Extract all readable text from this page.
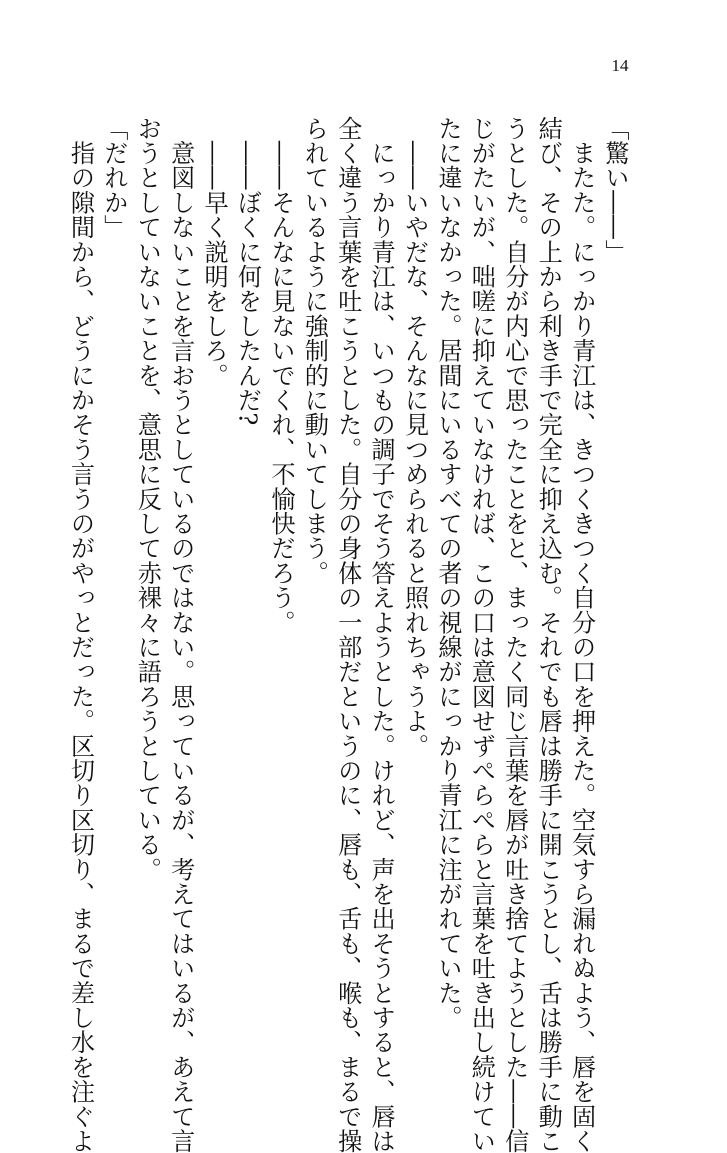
14
「驚い――」
　またた。にっかり青江は、きつくきつく自分の口を押えた。空気すら漏れぬよう、唇を固く
結び、その上から利き手で完全に抑え込む。それでも唇は勝手に開こうとし、舌は勝手に動こ
うとした。自分が内心で思ったことをと、まったく同じ言葉を唇が吐き捨てようとした――信
じがたいが、咄嗟に抑えていなければ、この口は意図せずぺらぺらと言葉を吐き出し続けてい
たに違いなかった。居間にいるすべての者の視線がにっかり青江に注がれていた。
　――いやだな、そんなに見つめられると照れちゃうよ。
　にっかり青江は、いつもの調子でそう答えようとした。けれど、声を出そうとすると、唇は
全く違う言葉を吐こうとした。自分の身体の一部だというのに、唇も、舌も、喉も、まるで操
られているように強制的に動いてしまう。
　――そんなに見ないでくれ、不愉快だろう。
　――ぼくに何をしたんだ?
　――早く説明をしろ。
　意図しないことを言おうとしているのではない。思っているが、考えてはいるが、あえて言
おうとしていないことを、意思に反して赤裸々に語ろうとしている。
「だれか」
　指の隙間から、どうにかそう言うのがやっとだった。区切り区切り、まるで差し水を注ぐよ
